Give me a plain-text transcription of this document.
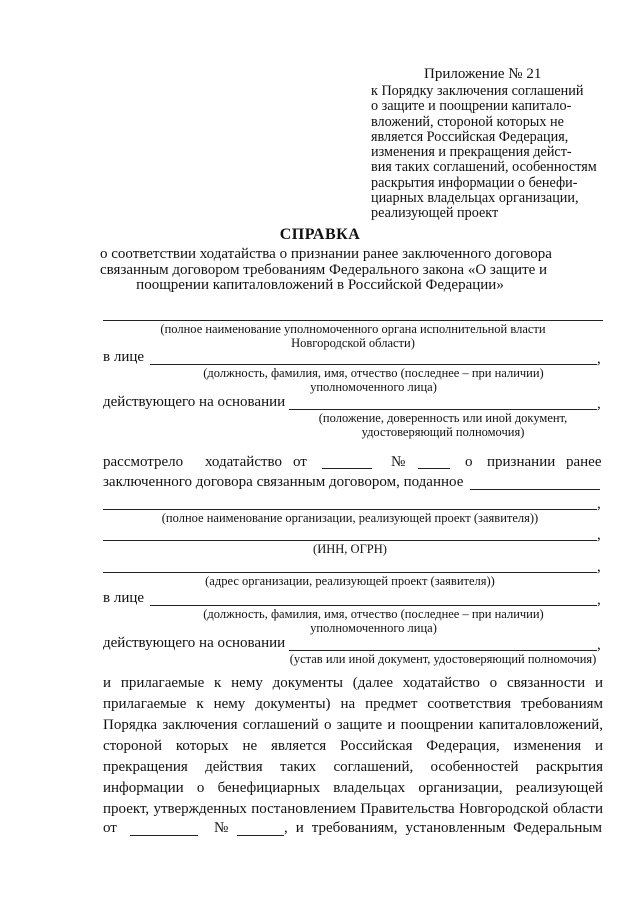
Приложение № 21
к Порядку заключения соглашений
о защите и поощрении капитало-
вложений, стороной которых не
является Российская Федерация,
изменения и прекращения дейст-
вия таких соглашений, особенностям
раскрытия информации о бенефи-
циарных владельцах организации,
реализующей проект
СПРАВКА
о соответствии ходатайства о признании ранее заключенного договора
связанным договором требованиям Федерального закона «О защите и
поощрении капиталовложений в Российской Федерации»
(полное наименование уполномоченного органа исполнительной власти
Новгородской области)
в лице	,
(должность, фамилия, имя, отчество (последнее – при наличии)
уполномоченного лица)
действующего на основании	,
(положение, доверенность или иной документ,
удостоверяющий полномочия)
рассмотрело ходатайство от	№	о признании ранее
заключенного договора связанным договором, поданное
,
(полное наименование организации, реализующей проект (заявителя))
,
(ИНН, ОГРН)
,
(адрес организации, реализующей проект (заявителя))
в лице	,
(должность, фамилия, имя, отчество (последнее – при наличии)
уполномоченного лица)
действующего на основании	,
(устав или иной документ, удостоверяющий полномочия)
и прилагаемые к нему документы (далее ходатайство о связанности и
прилагаемые к нему документы) на предмет соответствия требованиям
Порядка заключения соглашений о защите и поощрении капиталовложений,
стороной которых не является Российская Федерация, изменения и
прекращения действия таких соглашений, особенностей раскрытия
информации о бенефициарных владельцах организации, реализующей
проект, утвержденных постановлением Правительства Новгородской области
от	№	, и требованиям, установленным Федеральным
